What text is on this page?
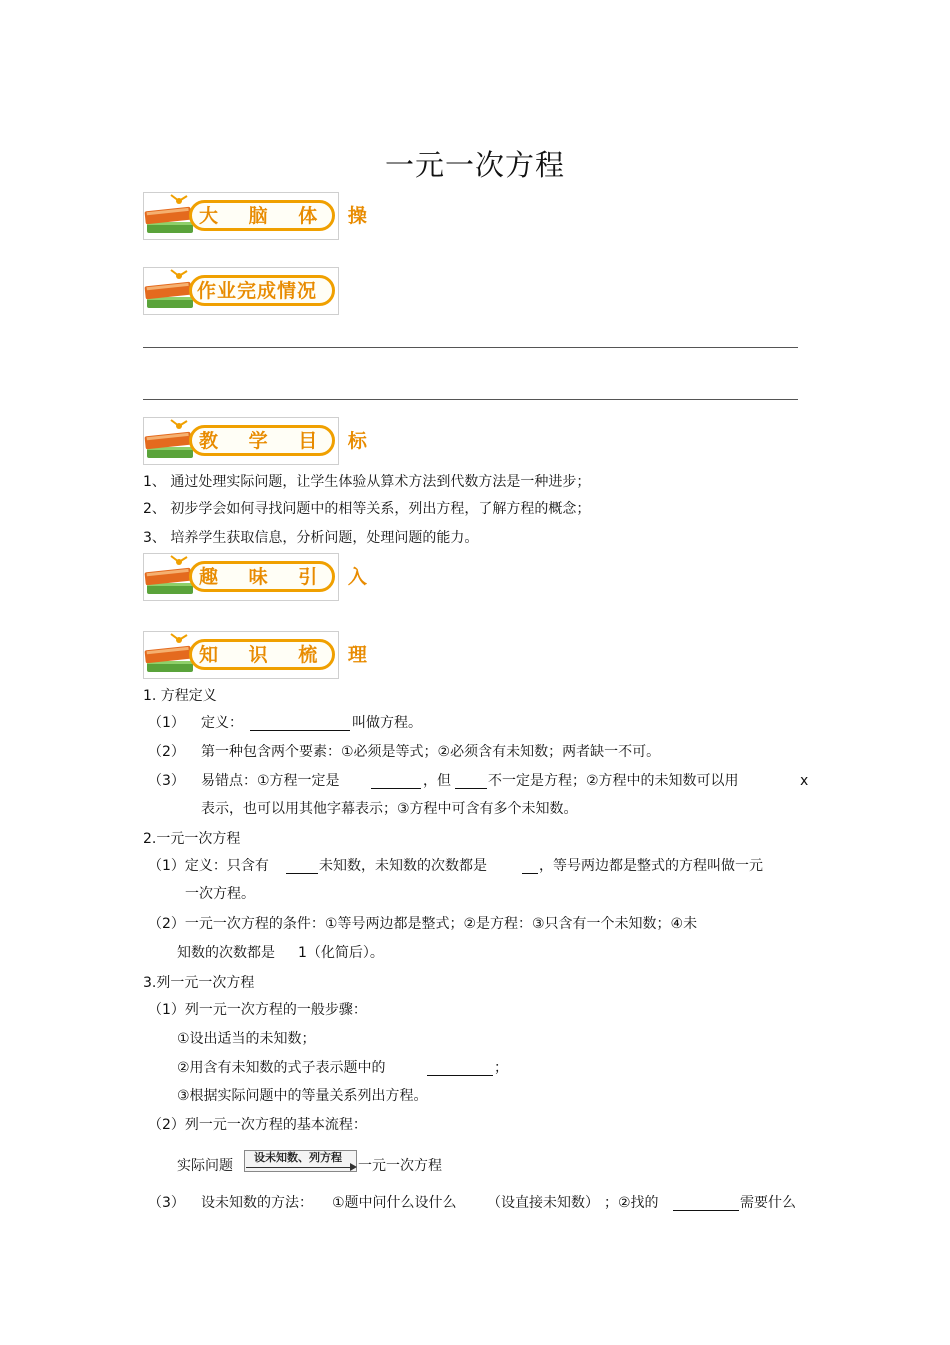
一元一次方程
大 脑 体 操
作业完成情况
教 学 目 标
1、 通过处理实际问题，让学生体验从算术方法到代数方法是一种进步；
2、 初步学会如何寻找问题中的相等关系，列出方程，了解方程的概念；
3、 培养学生获取信息，分析问题，处理问题的能力。
趣 味 引 入
知 识 梳 理
1. 方程定义
（1） 定义：	叫做方程。
（2） 第一种包含两个要素：①必须是等式；②必须含有未知数；两者缺一不可。
（3） 易错点：①方程一定是	，但	不一定是方程；②方程中的未知数可以用	x
表示，也可以用其他字幕表示；③方程中可含有多个未知数。
2.一元一次方程
（1）定义：只含有	未知数，未知数的次数都是	，等号两边都是整式的方程叫做一元
一次方程。
（2）一元一次方程的条件：①等号两边都是整式；②是方程：③只含有一个未知数；④未
知数的次数都是 1（化简后）。
3.列一元一次方程
（1）列一元一次方程的一般步骤：
①设出适当的未知数；
②用含有未知数的式子表示题中的	；
③根据实际问题中的等量关系列出方程。
（2）列一元一次方程的基本流程：
实际问题
设未知数、列方程
一元一次方程
（3） 设未知数的方法： ①题中问什么设什么 （设直接未知数） ；②找的	需要什么
